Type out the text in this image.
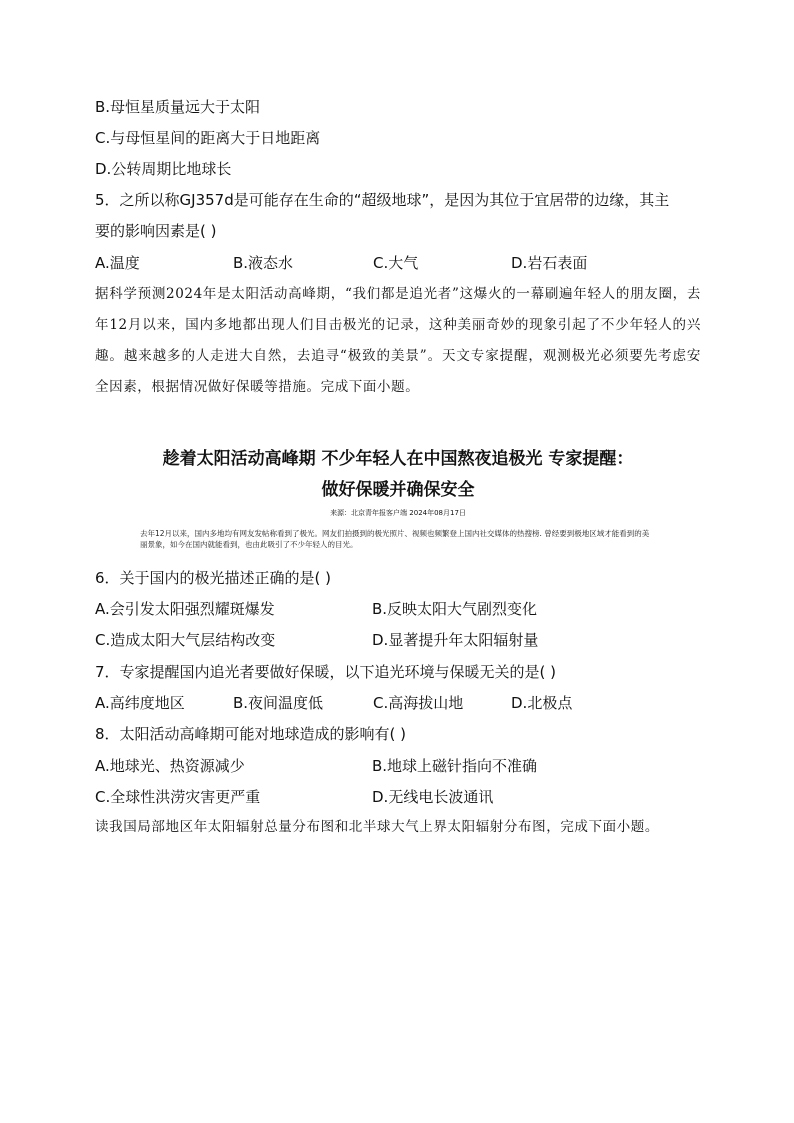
B.母恒星质量远大于太阳
C.与母恒星间的距离大于日地距离
D.公转周期比地球长
5．之所以称GJ357d是可能存在生命的“超级地球”，是因为其位于宜居带的边缘，其主
要的影响因素是( )
A.温度	B.液态水	C.大气	D.岩石表面
据科学预测2024年是太阳活动高峰期，“我们都是追光者”这爆火的一幕刷遍年轻人的朋友圈，去年12月以来，国内多地都出现人们目击极光的记录，这种美丽奇妙的现象引起了不少年轻人的兴趣。越来越多的人走进大自然，去追寻“极致的美景”。天文专家提醒，观测极光必须要先考虑安全因素，根据情况做好保暖等措施。完成下面小题。
趁着太阳活动高峰期 不少年轻人在中国熬夜追极光 专家提醒：
做好保暖并确保安全
来源：北京青年报客户端 2024年08月17日
去年12月以来，国内多地均有网友发帖称看到了极光。网友们拍摄到的极光照片、视频也频繁登上国内社交媒体的热搜榜. 曾经要到极地区域才能看到的美丽景象，如今在国内就能看到，也由此吸引了不少年轻人的目光。
6．关于国内的极光描述正确的是( )
A.会引发太阳强烈耀斑爆发	B.反映太阳大气剧烈变化
C.造成太阳大气层结构改变	D.显著提升年太阳辐射量
7．专家提醒国内追光者要做好保暖，以下追光环境与保暖无关的是( )
A.高纬度地区	B.夜间温度低	C.高海拔山地	D.北极点
8．太阳活动高峰期可能对地球造成的影响有( )
A.地球光、热资源减少	B.地球上磁针指向不准确
C.全球性洪涝灾害更严重	D.无线电长波通讯
读我国局部地区年太阳辐射总量分布图和北半球大气上界太阳辐射分布图，完成下面小题。
